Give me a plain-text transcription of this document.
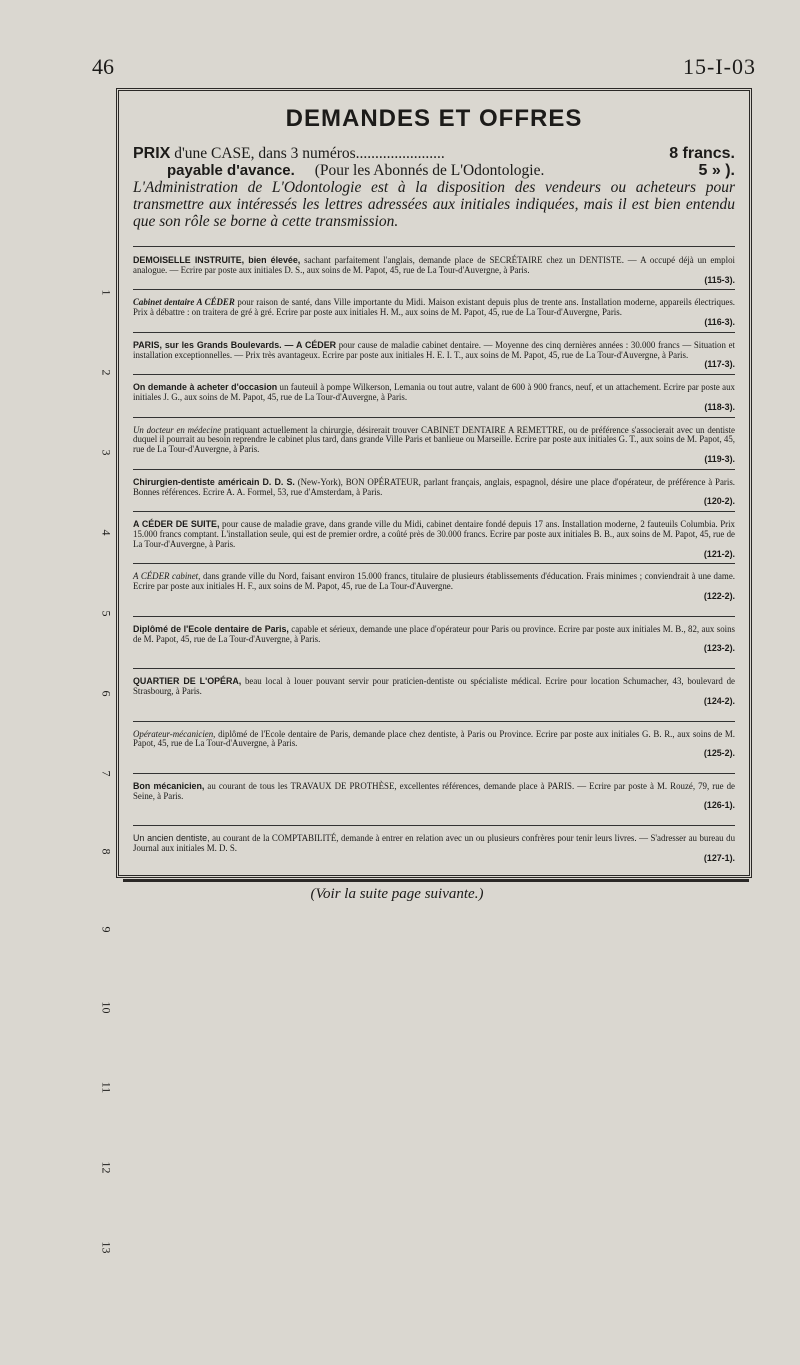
46	15-I-03
1
2
3
4
5
6
7
8
9
10
11
12
13
DEMANDES ET OFFRES
PRIX d'une CASE, dans 3 numéros.......................	8 francs.
payable d'avance. (Pour les Abonnés de L'Odontologie.	5 » ).
L'Administration de L'Odontologie est à la disposition des vendeurs ou acheteurs pour transmettre aux intéressés les lettres adressées aux initiales indiquées, mais il est bien entendu que son rôle se borne à cette transmission.
DEMOISELLE INSTRUITE, bien élevée, sachant parfaitement l'anglais, demande place de SECRÉTAIRE chez un DENTISTE. — A occupé déjà un emploi analogue. — Ecrire par poste aux initiales D. S., aux soins de M. Papot, 45, rue de La Tour-d'Auvergne, à Paris.
(115-3).
Cabinet dentaire A CÉDER pour raison de santé, dans Ville importante du Midi. Maison existant depuis plus de trente ans. Installation moderne, appareils électriques. Prix à débattre : on traitera de gré à gré. Ecrire par poste aux initiales H. M., aux soins de M. Papot, 45, rue de La Tour-d'Auvergne, Paris.
(116-3).
PARIS, sur les Grands Boulevards. — A CÉDER pour cause de maladie cabinet dentaire. — Moyenne des cinq dernières années : 30.000 francs — Situation et installation exceptionnelles. — Prix très avantageux. Ecrire par poste aux initiales H. E. I. T., aux soins de M. Papot, 45, rue de La Tour-d'Auvergne, à Paris.
(117-3).
On demande à acheter d'occasion un fauteuil à pompe Wilkerson, Lemania ou tout autre, valant de 600 à 900 francs, neuf, et un attachement. Ecrire par poste aux initiales J. G., aux soins de M. Papot, 45, rue de La Tour-d'Auvergne, à Paris.
(118-3).
Un docteur en médecine pratiquant actuellement la chirurgie, désirerait trouver CABINET DENTAIRE A REMETTRE, ou de préférence s'associerait avec un dentiste duquel il pourrait au besoin reprendre le cabinet plus tard, dans grande Ville Paris et banlieue ou Marseille. Ecrire par poste aux initiales G. T., aux soins de M. Papot, 45, rue de La Tour-d'Auvergne, à Paris.
(119-3).
Chirurgien-dentiste américain D. D. S. (New-York), BON OPÉRATEUR, parlant français, anglais, espagnol, désire une place d'opérateur, de préférence à Paris. Bonnes références. Ecrire A. A. Formel, 53, rue d'Amsterdam, à Paris.
(120-2).
A CÉDER DE SUITE, pour cause de maladie grave, dans grande ville du Midi, cabinet dentaire fondé depuis 17 ans. Installation moderne, 2 fauteuils Columbia. Prix 15.000 francs comptant. L'installation seule, qui est de premier ordre, a coûté près de 30.000 francs. Ecrire par poste aux initiales B. B., aux soins de M. Papot, 45, rue de La Tour-d'Auvergne, à Paris.
(121-2).
A CÉDER cabinet, dans grande ville du Nord, faisant environ 15.000 francs, titulaire de plusieurs établissements d'éducation. Frais minimes ; conviendrait à une dame. Ecrire par poste aux initiales H. F., aux soins de M. Papot, 45, rue de La Tour-d'Auvergne.
(122-2).
Diplômé de l'Ecole dentaire de Paris, capable et sérieux, demande une place d'opérateur pour Paris ou province. Ecrire par poste aux initiales M. B., 82, aux soins de M. Papot, 45, rue de La Tour-d'Auvergne, à Paris.
(123-2).
QUARTIER DE L'OPÉRA, beau local à louer pouvant servir pour praticien-dentiste ou spécialiste médical. Ecrire pour location Schumacher, 43, boulevard de Strasbourg, à Paris.
(124-2).
Opérateur-mécanicien, diplômé de l'Ecole dentaire de Paris, demande place chez dentiste, à Paris ou Province. Ecrire par poste aux initiales G. B. R., aux soins de M. Papot, 45, rue de La Tour-d'Auvergne, à Paris.
(125-2).
Bon mécanicien, au courant de tous les TRAVAUX DE PROTHÈSE, excellentes références, demande place à PARIS. — Ecrire par poste à M. Rouzé, 79, rue de Seine, à Paris.
(126-1).
Un ancien dentiste, au courant de la COMPTABILITÉ, demande à entrer en relation avec un ou plusieurs confrères pour tenir leurs livres. — S'adresser au bureau du Journal aux initiales M. D. S.
(127-1).
(Voir la suite page suivante.)
